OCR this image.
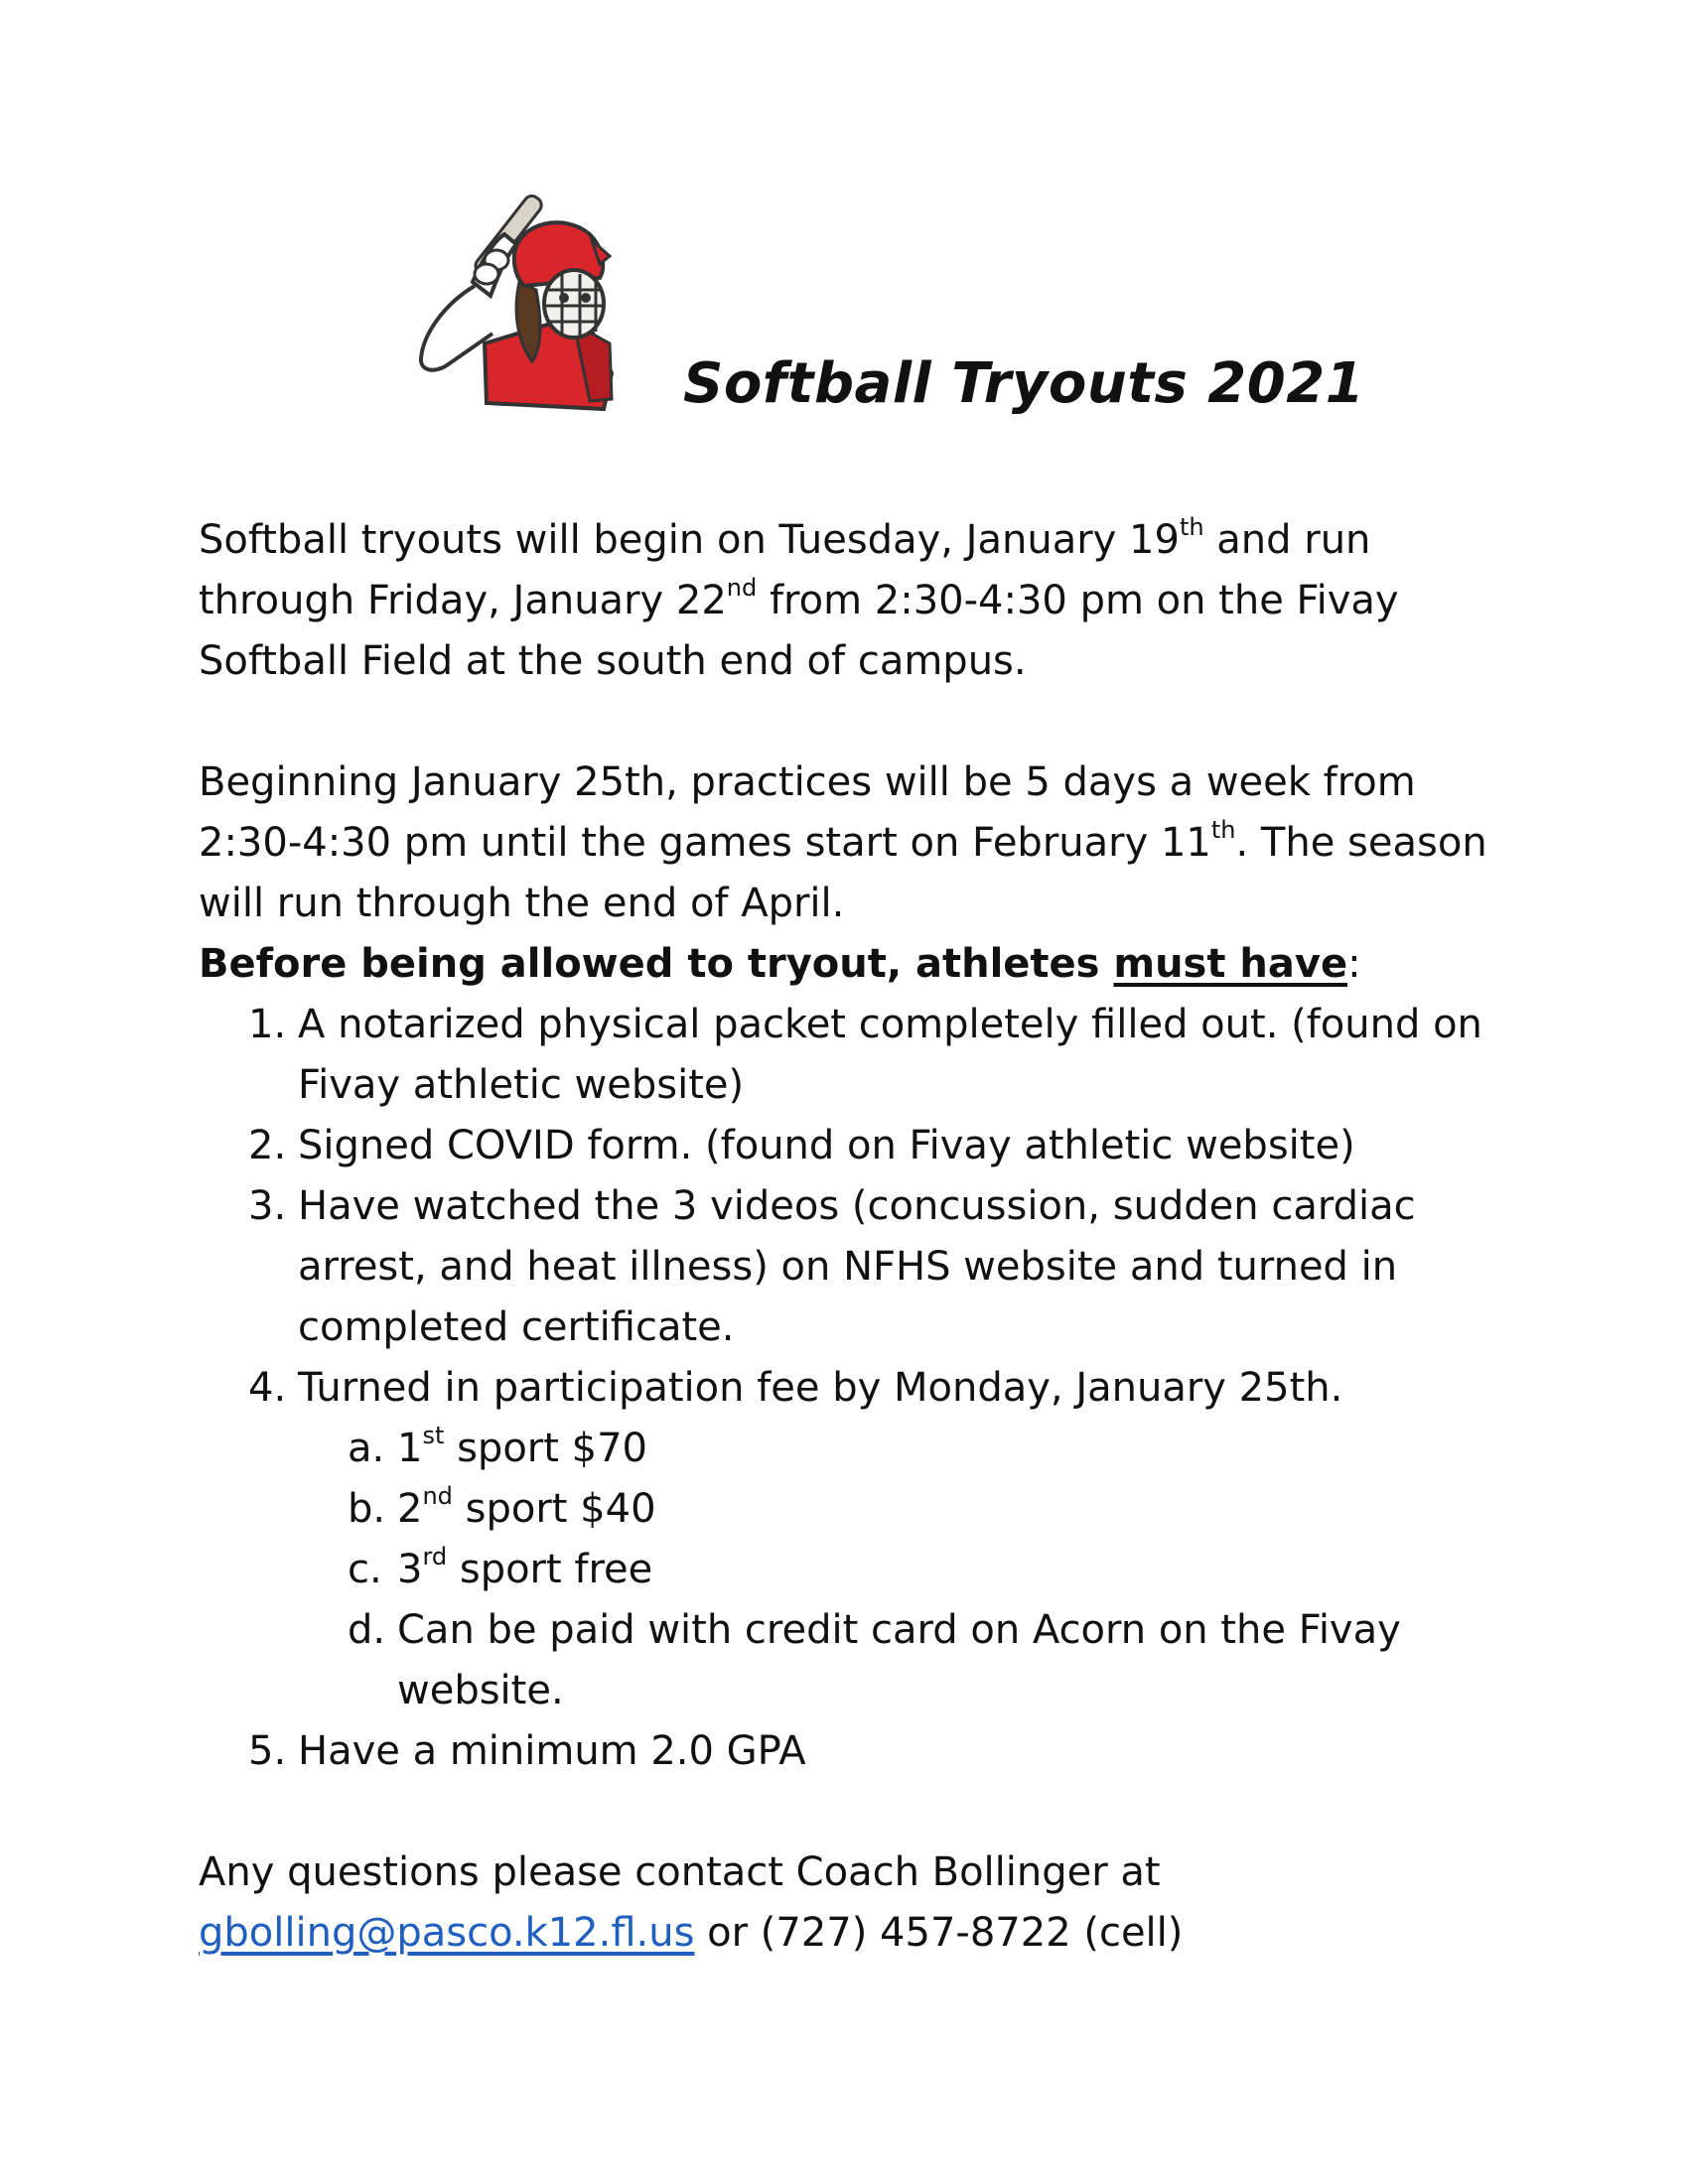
Softball Tryouts 2021

Softball tryouts will begin on Tuesday, January 19th and run through Friday, January 22nd from 2:30-4:30 pm on the Fivay Softball Field at the south end of campus.

Beginning January 25th, practices will be 5 days a week from 2:30-4:30 pm until the games start on February 11th. The season will run through the end of April.

Before being allowed to tryout, athletes must have:

1. A notarized physical packet completely filled out. (found on Fivay athletic website)
2. Signed COVID form. (found on Fivay athletic website)
3. Have watched the 3 videos (concussion, sudden cardiac arrest, and heat illness) on NFHS website and turned in completed certificate.
4. Turned in participation fee by Monday, January 25th.
a. 1st sport $70
b. 2nd sport $40
c. 3rd sport free
d. Can be paid with credit card on Acorn on the Fivay website.
5. Have a minimum 2.0 GPA

Any questions please contact Coach Bollinger at
gbolling@pasco.k12.fl.us or (727) 457-8722 (cell)
